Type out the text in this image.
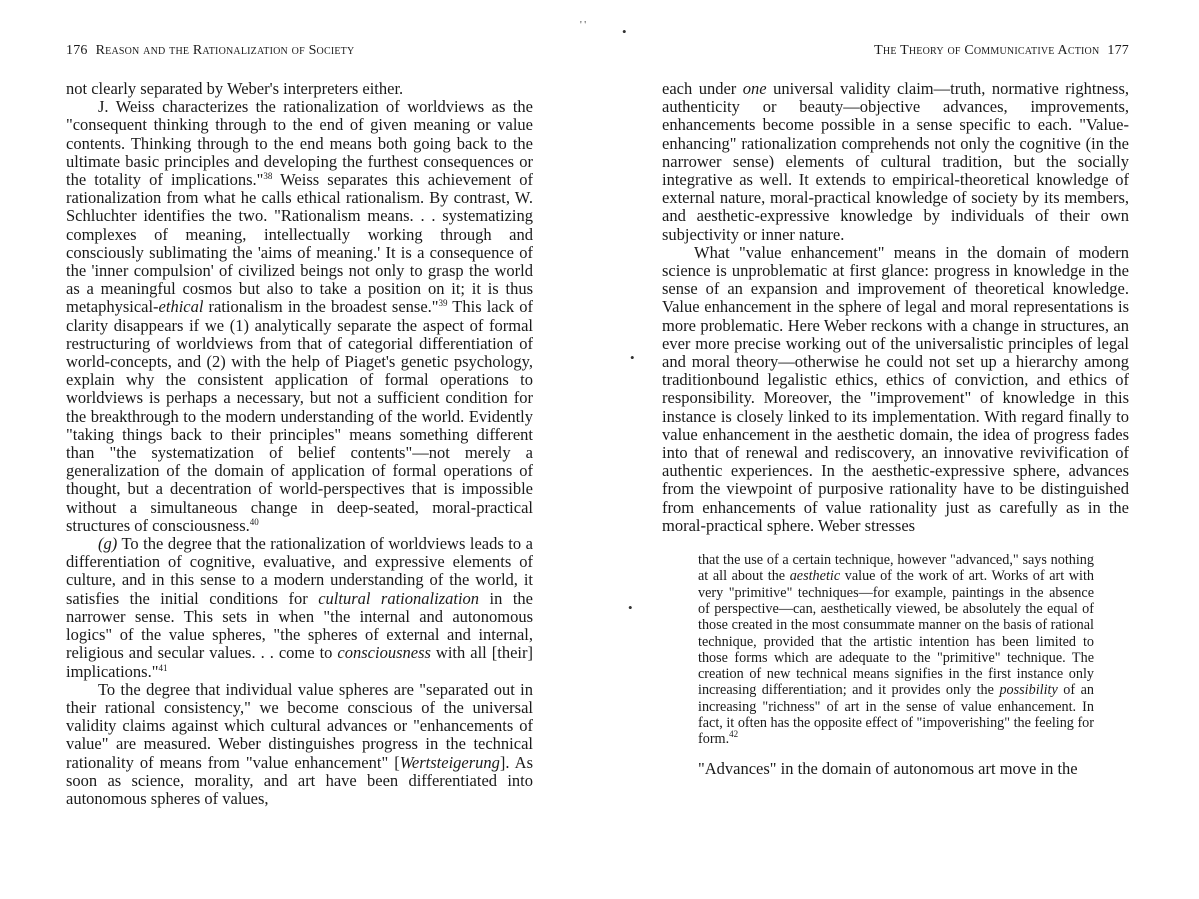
176 Reason and the Rationalization of Society

not clearly separated by Weber's interpreters either.

J. Weiss characterizes the rationalization of worldviews as the "consequent thinking through to the end of given meaning or value contents. Thinking through to the end means both going back to the ultimate basic principles and developing the furthest consequences or the totality of implications."$^{38}$ Weiss separates this achievement of rationalization from what he calls ethical rationalism. By contrast, W. Schluchter identifies the two. "Rationalism means. . . systematizing complexes of meaning, intellectually working through and consciously sublimating the 'aims of meaning.' It is a consequence of the 'inner compulsion' of civilized beings not only to grasp the world as a meaningful cosmos but also to take a position on it; it is thus metaphysical-ethical rationalism in the broadest sense."$^{39}$ This lack of clarity disappears if we (1) analytically separate the aspect of formal restructuring of worldviews from that of categorial differentiation of world-concepts, and (2) with the help of Piaget's genetic psychology, explain why the consistent application of formal operations to worldviews is perhaps a necessary, but not a sufficient condition for the breakthrough to the modern understanding of the world. Evidently "taking things back to their principles" means something different than "the systematization of belief contents"—not merely a generalization of the domain of application of formal operations of thought, but a decentration of world-perspectives that is impossible without a simultaneous change in deep-seated, moral-practical structures of consciousness.$^{40}$

(g) To the degree that the rationalization of worldviews leads to a differentiation of cognitive, evaluative, and expressive elements of culture, and in this sense to a modern understanding of the world, it satisfies the initial conditions for cultural rationalization in the narrower sense. This sets in when "the internal and autonomous logics" of the value spheres, "the spheres of external and internal, religious and secular values. . . come to consciousness with all [their] implications."$^{41}$

To the degree that individual value spheres are "separated out in their rational consistency," we become conscious of the universal validity claims against which cultural advances or "enhancements of value" are measured. Weber distinguishes progress in the technical rationality of means from "value enhancement" [Wertsteigerung]. As soon as science, morality, and art have been differentiated into autonomous spheres of values,

The Theory of Communicative Action 177

each under one universal validity claim—truth, normative rightness, authenticity or beauty—objective advances, improvements, enhancements become possible in a sense specific to each. "Value-enhancing" rationalization comprehends not only the cognitive (in the narrower sense) elements of cultural tradition, but the socially integrative as well. It extends to empirical-theoretical knowledge of external nature, moral-practical knowledge of society by its members, and aesthetic-expressive knowledge by individuals of their own subjectivity or inner nature.

What "value enhancement" means in the domain of modern science is unproblematic at first glance: progress in knowledge in the sense of an expansion and improvement of theoretical knowledge. Value enhancement in the sphere of legal and moral representations is more problematic. Here Weber reckons with a change in structures, an ever more precise working out of the universalistic principles of legal and moral theory—otherwise he could not set up a hierarchy among traditionbound legalistic ethics, ethics of conviction, and ethics of responsibility. Moreover, the "improvement" of knowledge in this instance is closely linked to its implementation. With regard finally to value enhancement in the aesthetic domain, the idea of progress fades into that of renewal and rediscovery, an innovative revivification of authentic experiences. In the aesthetic-expressive sphere, advances from the viewpoint of purposive rationality have to be distinguished from enhancements of value rationality just as carefully as in the moral-practical sphere. Weber stresses

that the use of a certain technique, however "advanced," says nothing at all about the aesthetic value of the work of art. Works of art with very "primitive" techniques—for example, paintings in the absence of perspective—can, aesthetically viewed, be absolutely the equal of those created in the most consummate manner on the basis of rational technique, provided that the artistic intention has been limited to those forms which are adequate to the "primitive" technique. The creation of new technical means signifies in the first instance only increasing differentiation; and it provides only the possibility of an increasing "richness" of art in the sense of value enhancement. In fact, it often has the opposite effect of "impoverishing" the feeling for form.$^{42}$

"Advances" in the domain of autonomous art move in the

' '	•
•
•
